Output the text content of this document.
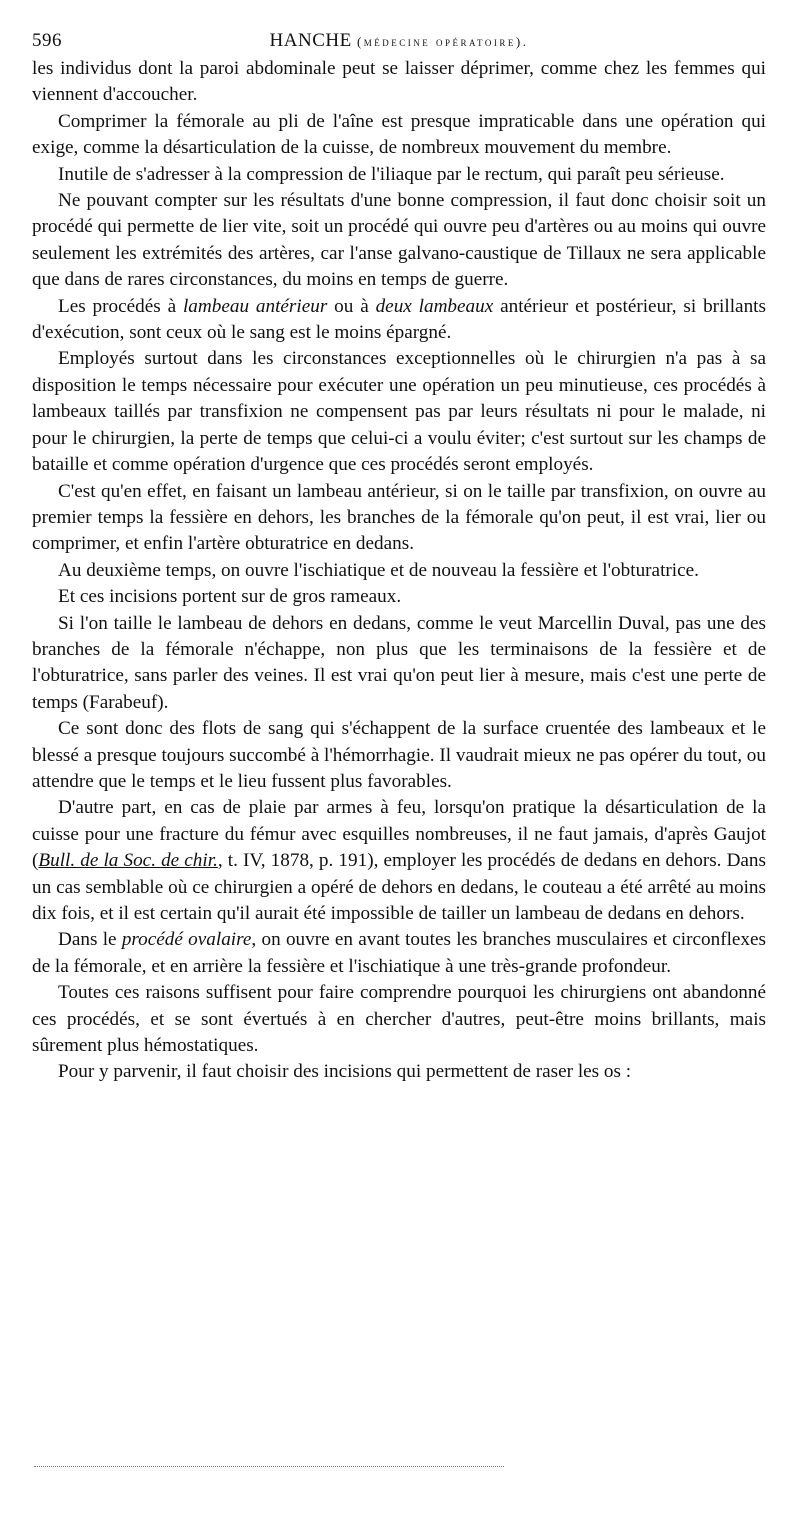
596	HANCHE (médecine opératoire).

les individus dont la paroi abdominale peut se laisser déprimer, comme chez les femmes qui viennent d'accoucher.

Comprimer la fémorale au pli de l'aîne est presque impraticable dans une opération qui exige, comme la désarticulation de la cuisse, de nombreux mouvement du membre.

Inutile de s'adresser à la compression de l'iliaque par le rectum, qui paraît peu sérieuse.

Ne pouvant compter sur les résultats d'une bonne compression, il faut donc choisir soit un procédé qui permette de lier vite, soit un procédé qui ouvre peu d'artères ou au moins qui ouvre seulement les extrémités des artères, car l'anse galvano-caustique de Tillaux ne sera applicable que dans de rares circonstances, du moins en temps de guerre.

Les procédés à lambeau antérieur ou à deux lambeaux antérieur et postérieur, si brillants d'exécution, sont ceux où le sang est le moins épargné.

Employés surtout dans les circonstances exceptionnelles où le chirurgien n'a pas à sa disposition le temps nécessaire pour exécuter une opération un peu minutieuse, ces procédés à lambeaux taillés par transfixion ne compensent pas par leurs résultats ni pour le malade, ni pour le chirurgien, la perte de temps que celui-ci a voulu éviter; c'est surtout sur les champs de bataille et comme opération d'urgence que ces procédés seront employés.

C'est qu'en effet, en faisant un lambeau antérieur, si on le taille par transfixion, on ouvre au premier temps la fessière en dehors, les branches de la fémorale qu'on peut, il est vrai, lier ou comprimer, et enfin l'artère obturatrice en dedans.

Au deuxième temps, on ouvre l'ischiatique et de nouveau la fessière et l'obturatrice.

Et ces incisions portent sur de gros rameaux.

Si l'on taille le lambeau de dehors en dedans, comme le veut Marcellin Duval, pas une des branches de la fémorale n'échappe, non plus que les terminaisons de la fessière et de l'obturatrice, sans parler des veines. Il est vrai qu'on peut lier à mesure, mais c'est une perte de temps (Farabeuf).

Ce sont donc des flots de sang qui s'échappent de la surface cruentée des lambeaux et le blessé a presque toujours succombé à l'hémorrhagie. Il vaudrait mieux ne pas opérer du tout, ou attendre que le temps et le lieu fussent plus favorables.

D'autre part, en cas de plaie par armes à feu, lorsqu'on pratique la désarticulation de la cuisse pour une fracture du fémur avec esquilles nombreuses, il ne faut jamais, d'après Gaujot (Bull. de la Soc. de chir., t. IV, 1878, p. 191), employer les procédés de dedans en dehors. Dans un cas semblable où ce chirurgien a opéré de dehors en dedans, le couteau a été arrêté au moins dix fois, et il est certain qu'il aurait été impossible de tailler un lambeau de dedans en dehors.

Dans le procédé ovalaire, on ouvre en avant toutes les branches musculaires et circonflexes de la fémorale, et en arrière la fessière et l'ischiatique à une très-grande profondeur.

Toutes ces raisons suffisent pour faire comprendre pourquoi les chirurgiens ont abandonné ces procédés, et se sont évertués à en chercher d'autres, peut-être moins brillants, mais sûrement plus hémostatiques.

Pour y parvenir, il faut choisir des incisions qui permettent de raser les os :
